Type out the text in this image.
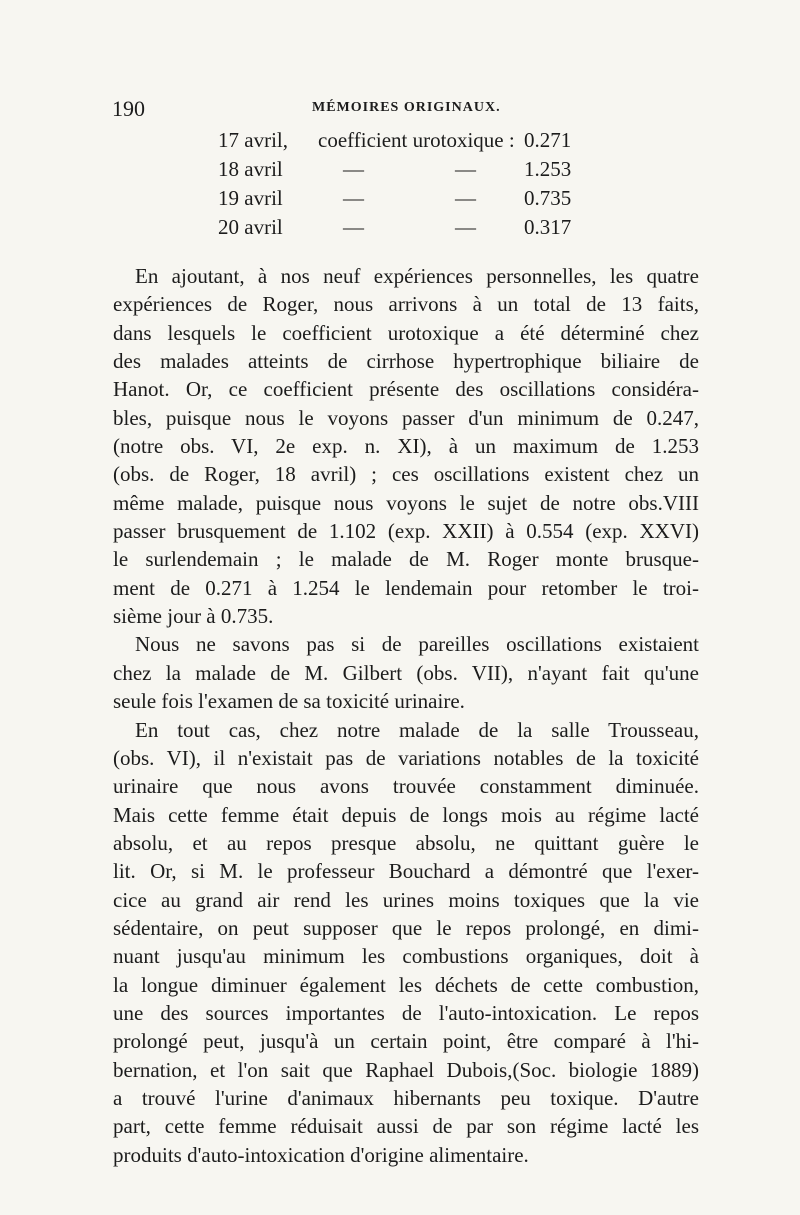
190	MÉMOIRES ORIGINAUX.
17 avril, coefficient urotoxique : 0.271
18 avril	—	— 1.253
19 avril	—	— 0.735
20 avril	—	— 0.317
En ajoutant, à nos neuf expériences personnelles, les quatre
expériences de Roger, nous arrivons à un total de 13 faits,
dans lesquels le coefficient urotoxique a été déterminé chez
des malades atteints de cirrhose hypertrophique biliaire de
Hanot. Or, ce coefficient présente des oscillations considéra-
bles, puisque nous le voyons passer d'un minimum de 0.247,
(notre obs. VI, 2e exp. n. XI), à un maximum de 1.253
(obs. de Roger, 18 avril) ; ces oscillations existent chez un
même malade, puisque nous voyons le sujet de notre obs.VIII
passer brusquement de 1.102 (exp. XXII) à 0.554 (exp. XXVI)
le surlendemain ; le malade de M. Roger monte brusque-
ment de 0.271 à 1.254 le lendemain pour retomber le troi-
sième jour à 0.735.
Nous ne savons pas si de pareilles oscillations existaient
chez la malade de M. Gilbert (obs. VII), n'ayant fait qu'une
seule fois l'examen de sa toxicité urinaire.
En tout cas, chez notre malade de la salle Trousseau,
(obs. VI), il n'existait pas de variations notables de la toxicité
urinaire que nous avons trouvée constamment diminuée.
Mais cette femme était depuis de longs mois au régime lacté
absolu, et au repos presque absolu, ne quittant guère le
lit. Or, si M. le professeur Bouchard a démontré que l'exer-
cice au grand air rend les urines moins toxiques que la vie
sédentaire, on peut supposer que le repos prolongé, en dimi-
nuant jusqu'au minimum les combustions organiques, doit à
la longue diminuer également les déchets de cette combustion,
une des sources importantes de l'auto-intoxication. Le repos
prolongé peut, jusqu'à un certain point, être comparé à l'hi-
bernation, et l'on sait que Raphael Dubois,(Soc. biologie 1889)
a trouvé l'urine d'animaux hibernants peu toxique. D'autre
part, cette femme réduisait aussi de par son régime lacté les
produits d'auto-intoxication d'origine alimentaire.
